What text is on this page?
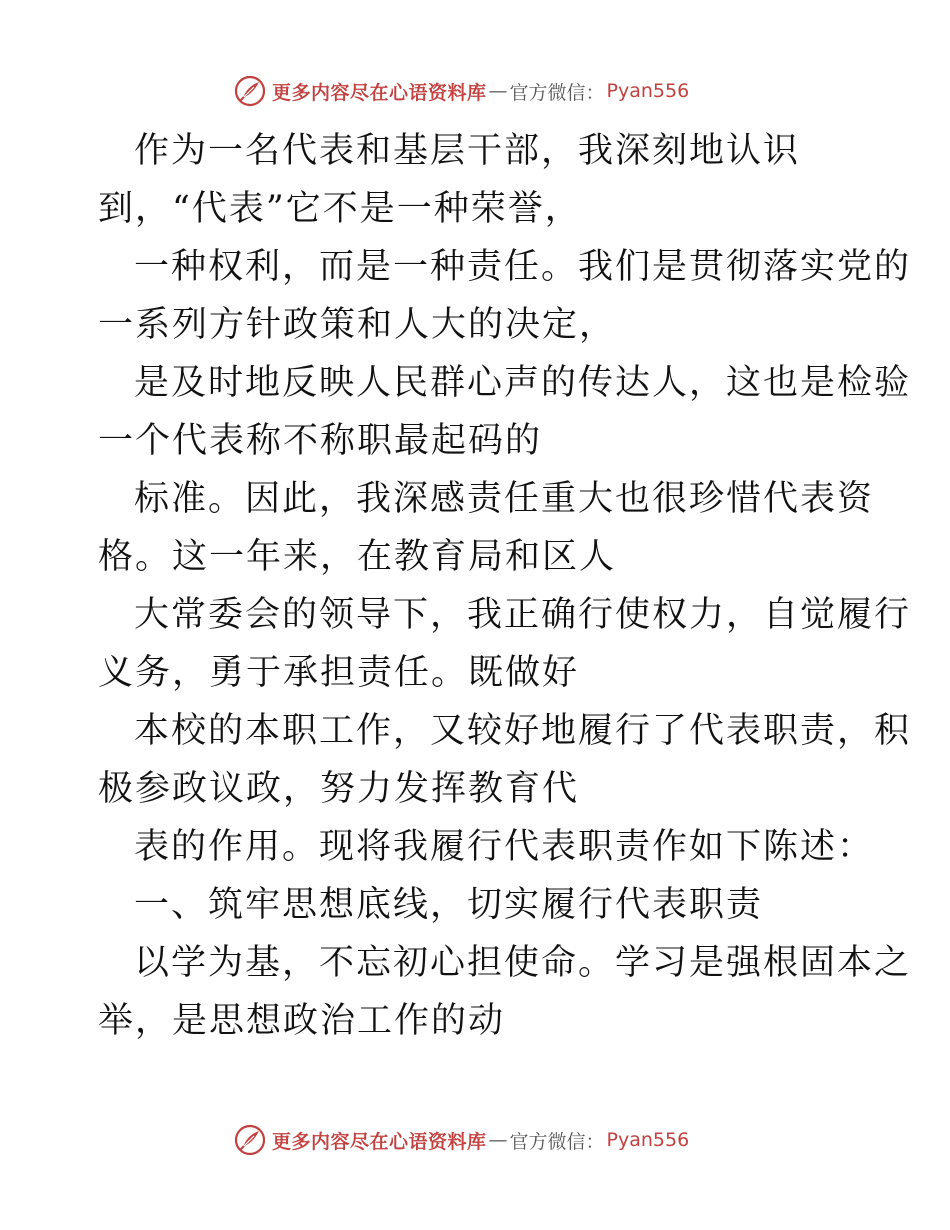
更多内容尽在心语资料库 — 官方微信： Pyan556
作为一名代表和基层干部，我深刻地认识
到，“代表”它不是一种荣誉，
一种权利，而是一种责任。我们是贯彻落实党的
一系列方针政策和人大的决定，
是及时地反映人民群心声的传达人，这也是检验
一个代表称不称职最起码的
标准。因此，我深感责任重大也很珍惜代表资
格。这一年来，在教育局和区人
大常委会的领导下，我正确行使权力，自觉履行
义务，勇于承担责任。既做好
本校的本职工作，又较好地履行了代表职责，积
极参政议政，努力发挥教育代
表的作用。现将我履行代表职责作如下陈述：
一、筑牢思想底线，切实履行代表职责
以学为基，不忘初心担使命。学习是强根固本之
举，是思想政治工作的动
更多内容尽在心语资料库 — 官方微信： Pyan556
